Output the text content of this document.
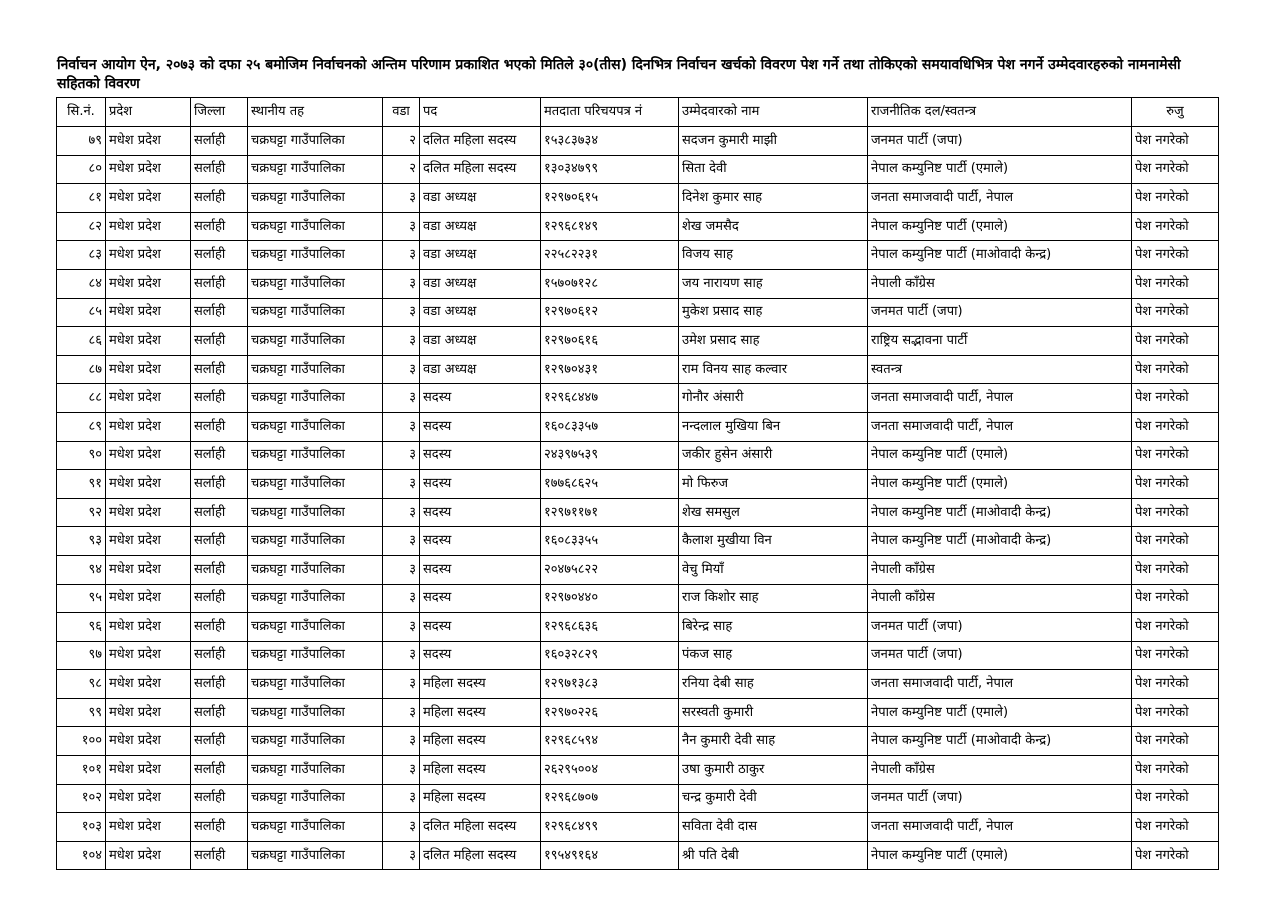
निर्वाचन आयोग ऐन, २०७३ को दफा २५ बमोजिम निर्वाचनको अन्तिम परिणाम प्रकाशित भएको मितिले ३०(तीस) दिनभित्र निर्वाचन खर्चको विवरण पेश गर्ने तथा तोकिएको समयावधिभित्र पेश नगर्ने उम्मेदवारहरुको नामनामेसी सहितको विवरण
सि.नं.	प्रदेश	जिल्ला	स्थानीय तह	वडा	पद	मतदाता परिचयपत्र नं	उम्मेदवारको नाम	राजनीतिक दल/स्वतन्त्र	रुजु
७९	मधेश प्रदेश	सर्लाही	चक्रघट्टा गाउँपालिका	२	दलित महिला सदस्य	१५३८३७३४	सदजन कुमारी माझी	जनमत पार्टी (जपा)	पेश नगरेको
८०	मधेश प्रदेश	सर्लाही	चक्रघट्टा गाउँपालिका	२	दलित महिला सदस्य	१३०३४७९९	सिता देवी	नेपाल कम्युनिष्ट पार्टी (एमाले)	पेश नगरेको
८१	मधेश प्रदेश	सर्लाही	चक्रघट्टा गाउँपालिका	३	वडा अध्यक्ष	१२९७०६१५	दिनेश कुमार साह	जनता समाजवादी पार्टी, नेपाल	पेश नगरेको
८२	मधेश प्रदेश	सर्लाही	चक्रघट्टा गाउँपालिका	३	वडा अध्यक्ष	१२९६८१४९	शेख जमसैद	नेपाल कम्युनिष्ट पार्टी (एमाले)	पेश नगरेको
८३	मधेश प्रदेश	सर्लाही	चक्रघट्टा गाउँपालिका	३	वडा अध्यक्ष	२२५८२२३१	विजय साह	नेपाल कम्युनिष्ट पार्टी (माओवादी केन्द्र)	पेश नगरेको
८४	मधेश प्रदेश	सर्लाही	चक्रघट्टा गाउँपालिका	३	वडा अध्यक्ष	१५७०७१२८	जय नारायण साह	नेपाली काँग्रेस	पेश नगरेको
८५	मधेश प्रदेश	सर्लाही	चक्रघट्टा गाउँपालिका	३	वडा अध्यक्ष	१२९७०६१२	मुकेश प्रसाद साह	जनमत पार्टी (जपा)	पेश नगरेको
८६	मधेश प्रदेश	सर्लाही	चक्रघट्टा गाउँपालिका	३	वडा अध्यक्ष	१२९७०६१६	उमेश प्रसाद साह	राष्ट्रिय सद्भावना पार्टी	पेश नगरेको
८७	मधेश प्रदेश	सर्लाही	चक्रघट्टा गाउँपालिका	३	वडा अध्यक्ष	१२९७०४३१	राम विनय साह कल्वार	स्वतन्त्र	पेश नगरेको
८८	मधेश प्रदेश	सर्लाही	चक्रघट्टा गाउँपालिका	३	सदस्य	१२९६८४४७	गोनौर अंसारी	जनता समाजवादी पार्टी, नेपाल	पेश नगरेको
८९	मधेश प्रदेश	सर्लाही	चक्रघट्टा गाउँपालिका	३	सदस्य	१६०८३३५७	नन्दलाल मुखिया बिन	जनता समाजवादी पार्टी, नेपाल	पेश नगरेको
९०	मधेश प्रदेश	सर्लाही	चक्रघट्टा गाउँपालिका	३	सदस्य	२४३९७५३९	जकीर हुसेन अंसारी	नेपाल कम्युनिष्ट पार्टी (एमाले)	पेश नगरेको
९१	मधेश प्रदेश	सर्लाही	चक्रघट्टा गाउँपालिका	३	सदस्य	१७७६८६२५	मो फिरुज	नेपाल कम्युनिष्ट पार्टी (एमाले)	पेश नगरेको
९२	मधेश प्रदेश	सर्लाही	चक्रघट्टा गाउँपालिका	३	सदस्य	१२९७११७१	शेख समसुल	नेपाल कम्युनिष्ट पार्टी (माओवादी केन्द्र)	पेश नगरेको
९३	मधेश प्रदेश	सर्लाही	चक्रघट्टा गाउँपालिका	३	सदस्य	१६०८३३५५	कैलाश मुखीया विन	नेपाल कम्युनिष्ट पार्टी (माओवादी केन्द्र)	पेश नगरेको
९४	मधेश प्रदेश	सर्लाही	चक्रघट्टा गाउँपालिका	३	सदस्य	२०४७५८२२	वेचु मियाँ	नेपाली काँग्रेस	पेश नगरेको
९५	मधेश प्रदेश	सर्लाही	चक्रघट्टा गाउँपालिका	३	सदस्य	१२९७०४४०	राज किशोर साह	नेपाली काँग्रेस	पेश नगरेको
९६	मधेश प्रदेश	सर्लाही	चक्रघट्टा गाउँपालिका	३	सदस्य	१२९६८६३६	बिरेन्द्र साह	जनमत पार्टी (जपा)	पेश नगरेको
९७	मधेश प्रदेश	सर्लाही	चक्रघट्टा गाउँपालिका	३	सदस्य	१६०३२८२९	पंकज साह	जनमत पार्टी (जपा)	पेश नगरेको
९८	मधेश प्रदेश	सर्लाही	चक्रघट्टा गाउँपालिका	३	महिला सदस्य	१२९७१३८३	रनिया देबी साह	जनता समाजवादी पार्टी, नेपाल	पेश नगरेको
९९	मधेश प्रदेश	सर्लाही	चक्रघट्टा गाउँपालिका	३	महिला सदस्य	१२९७०२२६	सरस्वती कुमारी	नेपाल कम्युनिष्ट पार्टी (एमाले)	पेश नगरेको
१००	मधेश प्रदेश	सर्लाही	चक्रघट्टा गाउँपालिका	३	महिला सदस्य	१२९६८५९४	नैन कुमारी देवी साह	नेपाल कम्युनिष्ट पार्टी (माओवादी केन्द्र)	पेश नगरेको
१०१	मधेश प्रदेश	सर्लाही	चक्रघट्टा गाउँपालिका	३	महिला सदस्य	२६२९५००४	उषा कुमारी ठाकुर	नेपाली काँग्रेस	पेश नगरेको
१०२	मधेश प्रदेश	सर्लाही	चक्रघट्टा गाउँपालिका	३	महिला सदस्य	१२९६८७०७	चन्द्र कुमारी देवी	जनमत पार्टी (जपा)	पेश नगरेको
१०३	मधेश प्रदेश	सर्लाही	चक्रघट्टा गाउँपालिका	३	दलित महिला सदस्य	१२९६८४९९	सविता देवी दास	जनता समाजवादी पार्टी, नेपाल	पेश नगरेको
१०४	मधेश प्रदेश	सर्लाही	चक्रघट्टा गाउँपालिका	३	दलित महिला सदस्य	१९५४९१६४	श्री पति देबी	नेपाल कम्युनिष्ट पार्टी (एमाले)	पेश नगरेको
